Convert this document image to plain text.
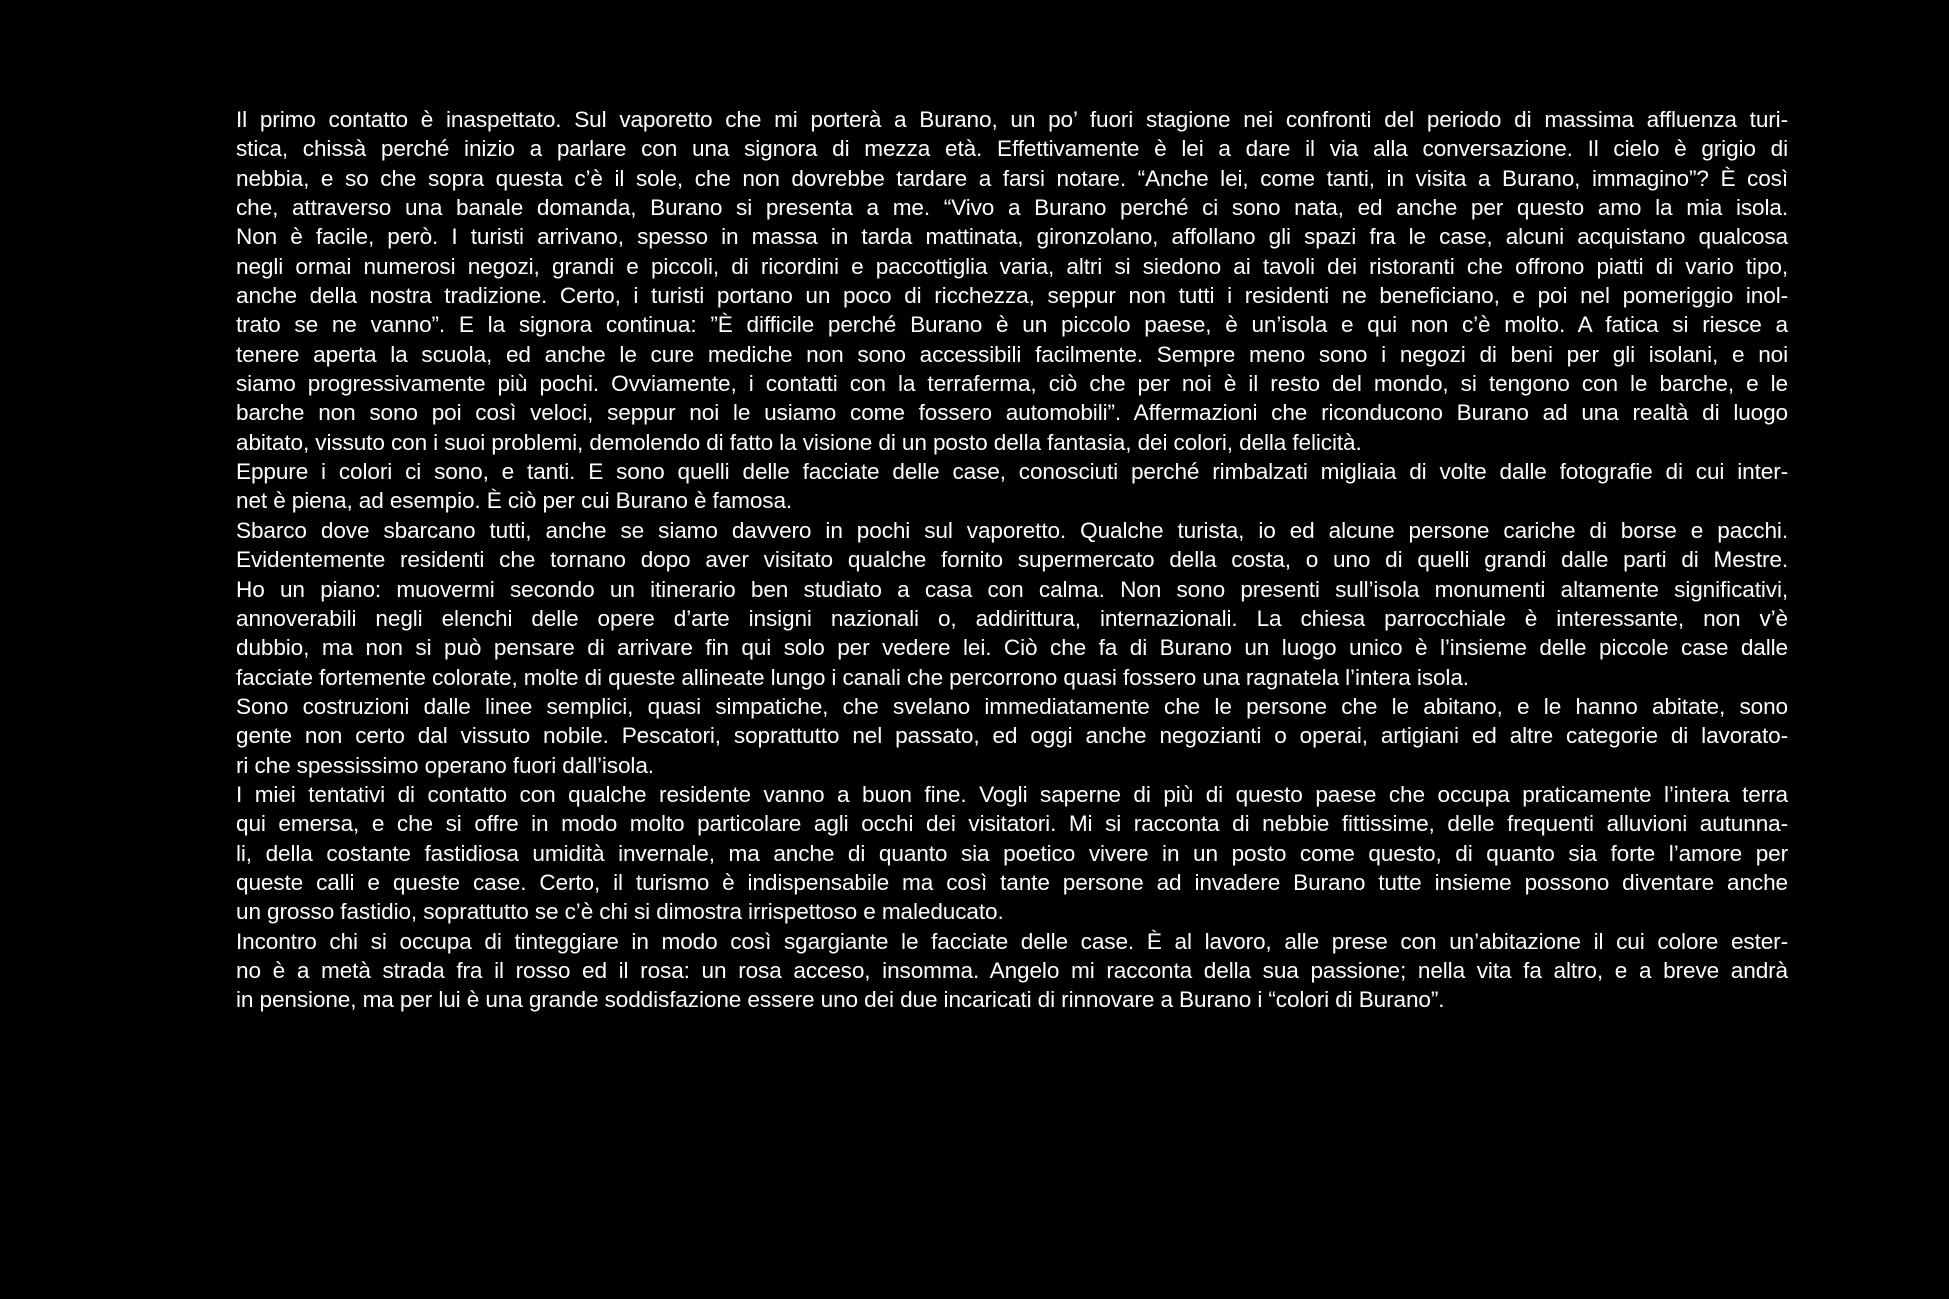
Il primo contatto è inaspettato. Sul vaporetto che mi porterà a Burano, un po’ fuori stagione nei confronti del periodo di massima affluenza turi-
stica, chissà perché inizio a parlare con una signora di mezza età. Effettivamente è lei a dare il via alla conversazione. Il cielo è grigio di
nebbia, e so che sopra questa c’è il sole, che non dovrebbe tardare a farsi notare. “Anche lei, come tanti, in visita a Burano, immagino”? È così
che, attraverso una banale domanda, Burano si presenta a me. “Vivo a Burano perché ci sono nata, ed anche per questo amo la mia isola.
Non è facile, però. I turisti arrivano, spesso in massa in tarda mattinata, gironzolano, affollano gli spazi fra le case, alcuni acquistano qualcosa
negli ormai numerosi negozi, grandi e piccoli, di ricordini e paccottiglia varia, altri si siedono ai tavoli dei ristoranti che offrono piatti di vario tipo,
anche della nostra tradizione. Certo, i turisti portano un poco di ricchezza, seppur non tutti i residenti ne beneficiano, e poi nel pomeriggio inol-
trato se ne vanno”. E la signora continua: ”È difficile perché Burano è un piccolo paese, è un’isola e qui non c’è molto. A fatica si riesce a
tenere aperta la scuola, ed anche le cure mediche non sono accessibili facilmente. Sempre meno sono i negozi di beni per gli isolani, e noi
siamo progressivamente più pochi. Ovviamente, i contatti con la terraferma, ciò che per noi è il resto del mondo, si tengono con le barche, e le
barche non sono poi così veloci, seppur noi le usiamo come fossero automobili”. Affermazioni che riconducono Burano ad una realtà di luogo
abitato, vissuto con i suoi problemi, demolendo di fatto la visione di un posto della fantasia, dei colori, della felicità.
Eppure i colori ci sono, e tanti. E sono quelli delle facciate delle case, conosciuti perché rimbalzati migliaia di volte dalle fotografie di cui inter-
net è piena, ad esempio. È ciò per cui Burano è famosa.
Sbarco dove sbarcano tutti, anche se siamo davvero in pochi sul vaporetto. Qualche turista, io ed alcune persone cariche di borse e pacchi.
Evidentemente residenti che tornano dopo aver visitato qualche fornito supermercato della costa, o uno di quelli grandi dalle parti di Mestre.
Ho un piano: muovermi secondo un itinerario ben studiato a casa con calma. Non sono presenti sull’isola monumenti altamente significativi,
annoverabili negli elenchi delle opere d’arte insigni nazionali o, addirittura, internazionali. La chiesa parrocchiale è interessante, non v’è
dubbio, ma non si può pensare di arrivare fin qui solo per vedere lei. Ciò che fa di Burano un luogo unico è l’insieme delle piccole case dalle
facciate fortemente colorate, molte di queste allineate lungo i canali che percorrono quasi fossero una ragnatela l’intera isola.
Sono costruzioni dalle linee semplici, quasi simpatiche, che svelano immediatamente che le persone che le abitano, e le hanno abitate, sono
gente non certo dal vissuto nobile. Pescatori, soprattutto nel passato, ed oggi anche negozianti o operai, artigiani ed altre categorie di lavorato-
ri che spessissimo operano fuori dall’isola.
I miei tentativi di contatto con qualche residente vanno a buon fine. Vogli saperne di più di questo paese che occupa praticamente l’intera terra
qui emersa, e che si offre in modo molto particolare agli occhi dei visitatori. Mi si racconta di nebbie fittissime, delle frequenti alluvioni autunna-
li, della costante fastidiosa umidità invernale, ma anche di quanto sia poetico vivere in un posto come questo, di quanto sia forte l’amore per
queste calli e queste case. Certo, il turismo è indispensabile ma così tante persone ad invadere Burano tutte insieme possono diventare anche
un grosso fastidio, soprattutto se c’è chi si dimostra irrispettoso e maleducato.
Incontro chi si occupa di tinteggiare in modo così sgargiante le facciate delle case. È al lavoro, alle prese con un’abitazione il cui colore ester-
no è a metà strada fra il rosso ed il rosa: un rosa acceso, insomma. Angelo mi racconta della sua passione; nella vita fa altro, e a breve andrà
in pensione, ma per lui è una grande soddisfazione essere uno dei due incaricati di rinnovare a Burano i “colori di Burano”.
